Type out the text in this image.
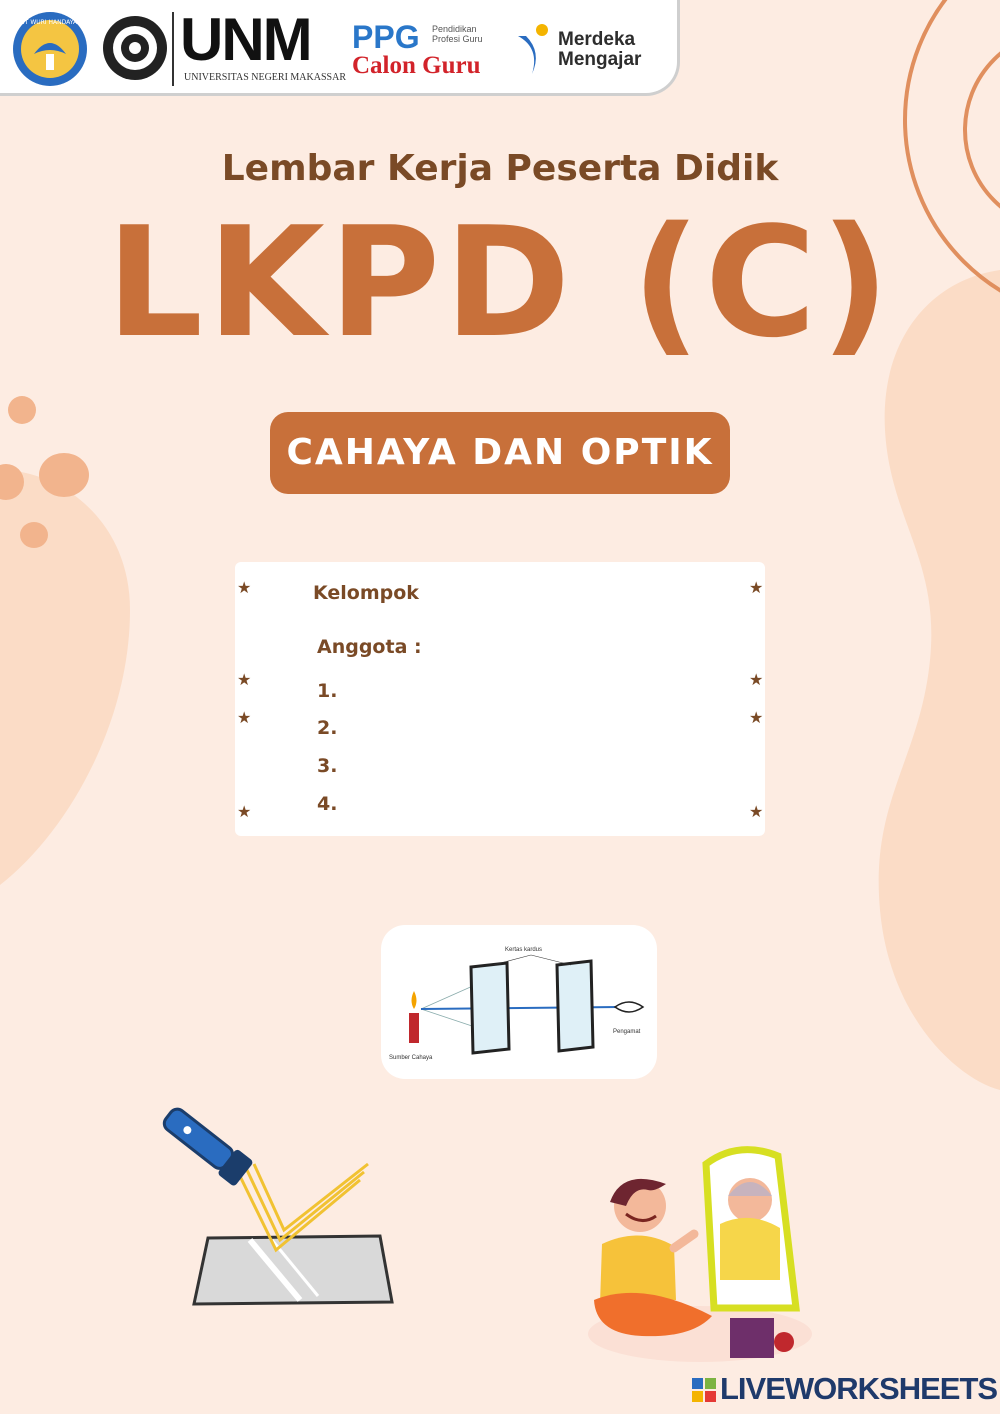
TUT WURI HANDAYANI UNM
UNIVERSITAS NEGERI MAKASSAR
PPG Pendidikan Profesi Guru
Calon Guru
Merdeka
Mengajar
Lembar Kerja Peserta Didik
LKPD (C)
CAHAYA DAN OPTIK
★
★
★
★
★
★
★
★
Kelompok
Anggota :
1.
2.
3.
4.
Kertas kardus
Sumber Cahaya
Pengamat
LIVEWORKSHEETS
